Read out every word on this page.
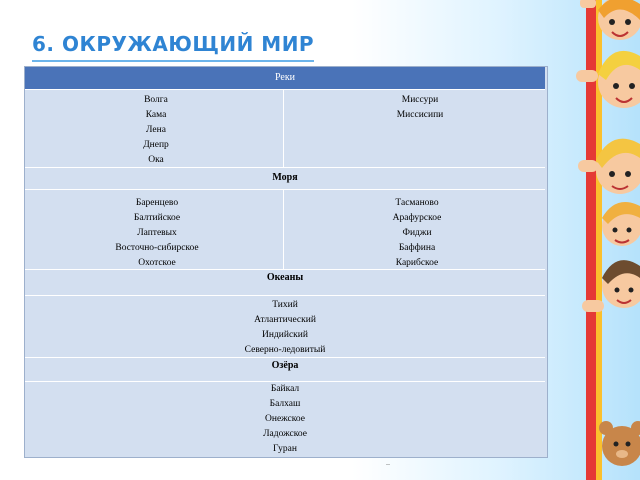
6. ОКРУЖАЮЩИЙ МИР
Реки
Волга
Кама
Лена
Днепр
Ока
Миссури
Миссисипи
Моря
Баренцево
Балтийское
Лаптевых
Восточно-сибирское
Охотское
Тасманово
Арафурское
Фиджи
Баффина
Карибское
Океаны
Тихий
Атлантический
Индийский
Северно-ледовитый
Озёра
Байкал
Балхаш
Онежское
Ладожское
Гуран
..
